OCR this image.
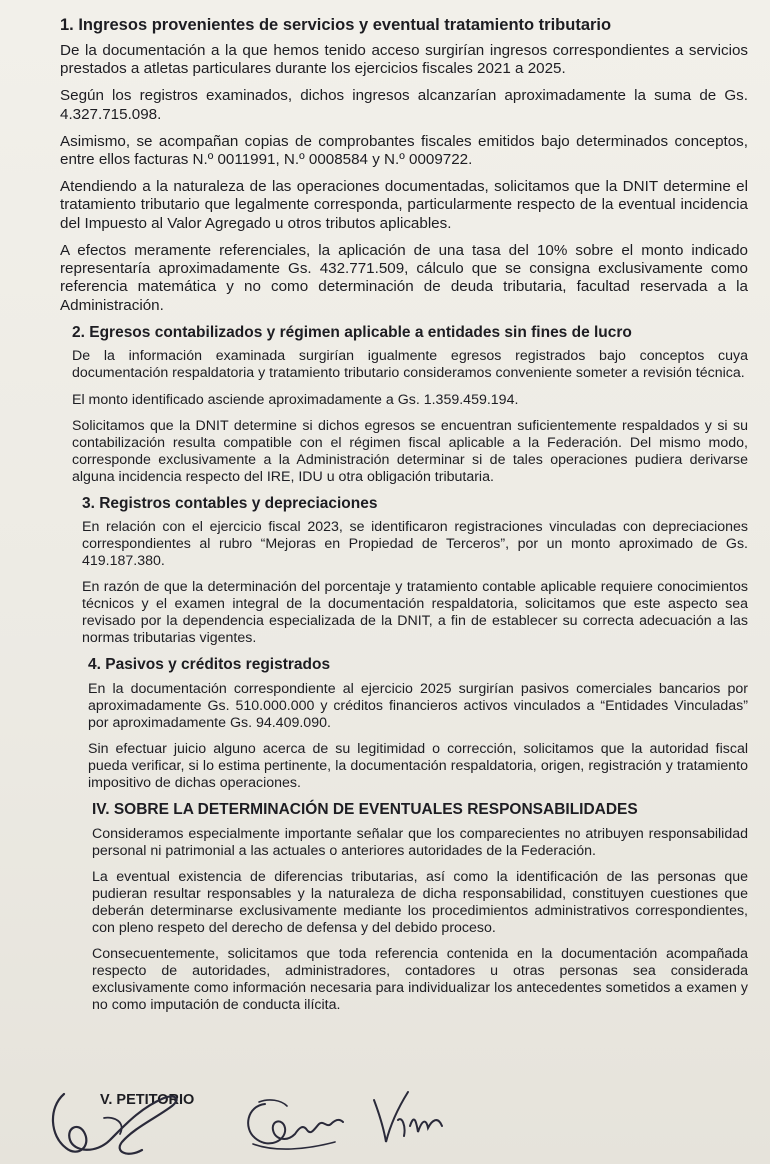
1. Ingresos provenientes de servicios y eventual tratamiento tributario

De la documentación a la que hemos tenido acceso surgirían ingresos correspondientes a servicios prestados a atletas particulares durante los ejercicios fiscales 2021 a 2025.

Según los registros examinados, dichos ingresos alcanzarían aproximadamente la suma de Gs. 4.327.715.098.

Asimismo, se acompañan copias de comprobantes fiscales emitidos bajo determinados conceptos, entre ellos facturas N.º 0011991, N.º 0008584 y N.º 0009722.

Atendiendo a la naturaleza de las operaciones documentadas, solicitamos que la DNIT determine el tratamiento tributario que legalmente corresponda, particularmente respecto de la eventual incidencia del Impuesto al Valor Agregado u otros tributos aplicables.

A efectos meramente referenciales, la aplicación de una tasa del 10% sobre el monto indicado representaría aproximadamente Gs. 432.771.509, cálculo que se consigna exclusivamente como referencia matemática y no como determinación de deuda tributaria, facultad reservada a la Administración.

2. Egresos contabilizados y régimen aplicable a entidades sin fines de lucro

De la información examinada surgirían igualmente egresos registrados bajo conceptos cuya documentación respaldatoria y tratamiento tributario consideramos conveniente someter a revisión técnica.

El monto identificado asciende aproximadamente a Gs. 1.359.459.194.

Solicitamos que la DNIT determine si dichos egresos se encuentran suficientemente respaldados y si su contabilización resulta compatible con el régimen fiscal aplicable a la Federación. Del mismo modo, corresponde exclusivamente a la Administración determinar si de tales operaciones pudiera derivarse alguna incidencia respecto del IRE, IDU u otra obligación tributaria.

3. Registros contables y depreciaciones

En relación con el ejercicio fiscal 2023, se identificaron registraciones vinculadas con depreciaciones correspondientes al rubro “Mejoras en Propiedad de Terceros”, por un monto aproximado de Gs. 419.187.380.

En razón de que la determinación del porcentaje y tratamiento contable aplicable requiere conocimientos técnicos y el examen integral de la documentación respaldatoria, solicitamos que este aspecto sea revisado por la dependencia especializada de la DNIT, a fin de establecer su correcta adecuación a las normas tributarias vigentes.

4. Pasivos y créditos registrados

En la documentación correspondiente al ejercicio 2025 surgirían pasivos comerciales bancarios por aproximadamente Gs. 510.000.000 y créditos financieros activos vinculados a “Entidades Vinculadas” por aproximadamente Gs. 94.409.090.

Sin efectuar juicio alguno acerca de su legitimidad o corrección, solicitamos que la autoridad fiscal pueda verificar, si lo estima pertinente, la documentación respaldatoria, origen, registración y tratamiento impositivo de dichas operaciones.

IV. SOBRE LA DETERMINACIÓN DE EVENTUALES RESPONSABILIDADES

Consideramos especialmente importante señalar que los comparecientes no atribuyen responsabilidad personal ni patrimonial a las actuales o anteriores autoridades de la Federación.

La eventual existencia de diferencias tributarias, así como la identificación de las personas que pudieran resultar responsables y la naturaleza de dicha responsabilidad, constituyen cuestiones que deberán determinarse exclusivamente mediante los procedimientos administrativos correspondientes, con pleno respeto del derecho de defensa y del debido proceso.

Consecuentemente, solicitamos que toda referencia contenida en la documentación acompañada respecto de autoridades, administradores, contadores u otras personas sea considerada exclusivamente como información necesaria para individualizar los antecedentes sometidos a examen y no como imputación de conducta ilícita.

V. PETITORIO
